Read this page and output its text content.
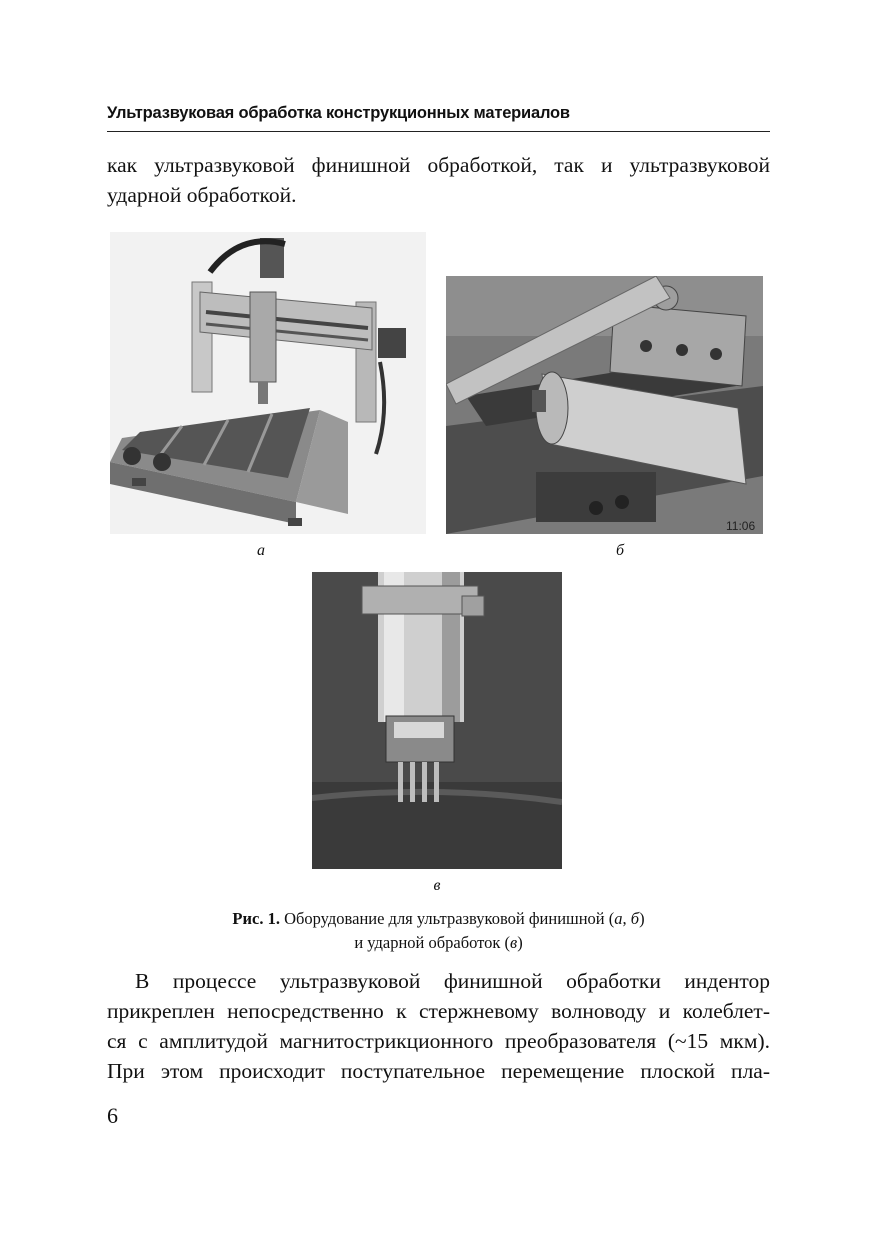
Ультразвуковая обработка конструкционных материалов
как ультразвуковой финишной обработкой, так и ультразвуковой
ударной обработкой.
а
11:06
б
в
Рис. 1. Оборудование для ультразвуковой финишной (а, б)
и ударной обработок (в)
В процессе ультразвуковой финишной обработки индентор
прикреплен непосредственно к стержневому волноводу и колеблет-
ся с амплитудой магнитострикционного преобразователя (~15 мкм).
При этом происходит поступательное перемещение плоской пла-
6
